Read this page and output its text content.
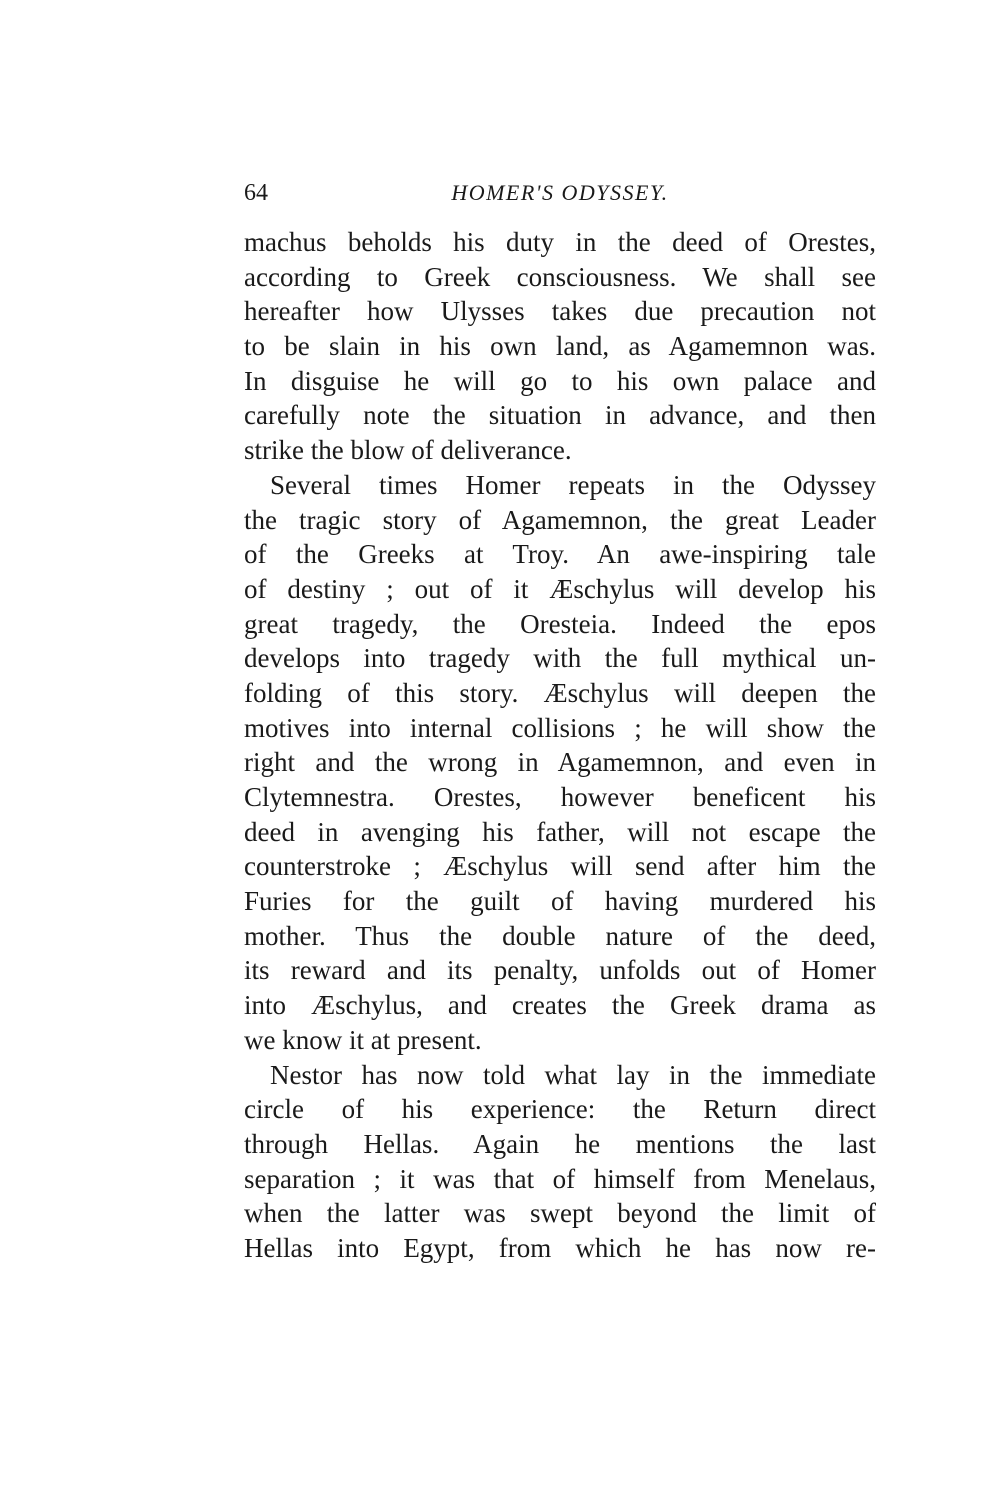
64	HOMER'S ODYSSEY.
machus beholds his duty in the deed of Orestes,
according to Greek consciousness. We shall see
hereafter how Ulysses takes due precaution not
to be slain in his own land, as Agamemnon was.
In disguise he will go to his own palace and
carefully note the situation in advance, and then
strike the blow of deliverance.
Several times Homer repeats in the Odyssey
the tragic story of Agamemnon, the great Leader
of the Greeks at Troy. An awe-inspiring tale
of destiny ; out of it Æschylus will develop his
great tragedy, the Oresteia. Indeed the epos
develops into tragedy with the full mythical un-
folding of this story. Æschylus will deepen the
motives into internal collisions ; he will show the
right and the wrong in Agamemnon, and even in
Clytemnestra. Orestes, however beneficent his
deed in avenging his father, will not escape the
counterstroke ; Æschylus will send after him the
Furies for the guilt of having murdered his
mother. Thus the double nature of the deed,
its reward and its penalty, unfolds out of Homer
into Æschylus, and creates the Greek drama as
we know it at present.
Nestor has now told what lay in the immediate
circle of his experience: the Return direct
through Hellas. Again he mentions the last
separation ; it was that of himself from Menelaus,
when the latter was swept beyond the limit of
Hellas into Egypt, from which he has now re-
